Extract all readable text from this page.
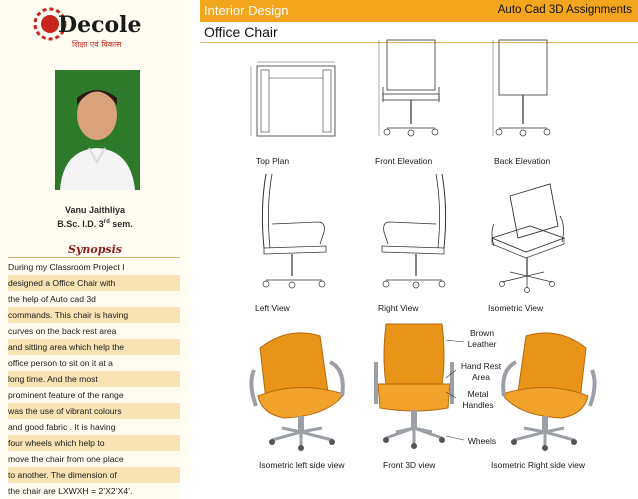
Decole
शिक्षा एवं विकास
Vanu Jaithliya
B.Sc. I.D. 3rd sem.
Synopsis
During my Classroom Project I
designed a Office Chair with
the help of Auto cad 3d
commands. This chair is having
curves on the back rest area
and sitting area which help the
office person to sit on it at a
long time. And the most
prominent feature of the range
was the use of vibrant colours
and good fabric . It is having
four wheels which help to
move the chair from one place
to another. The dimension of
the chair are LXWXH = 2’X2’X4’.
Interior Design	Auto Cad 3D Assignments
Office Chair
Top Plan	Front Elevation	Back Elevation
Left View	Right View	Isometric View
Isometric left side view	Front 3D view	Isometric Right side view
Brown
Leather
Hand Rest
Area
Metal
Handles
Wheels
